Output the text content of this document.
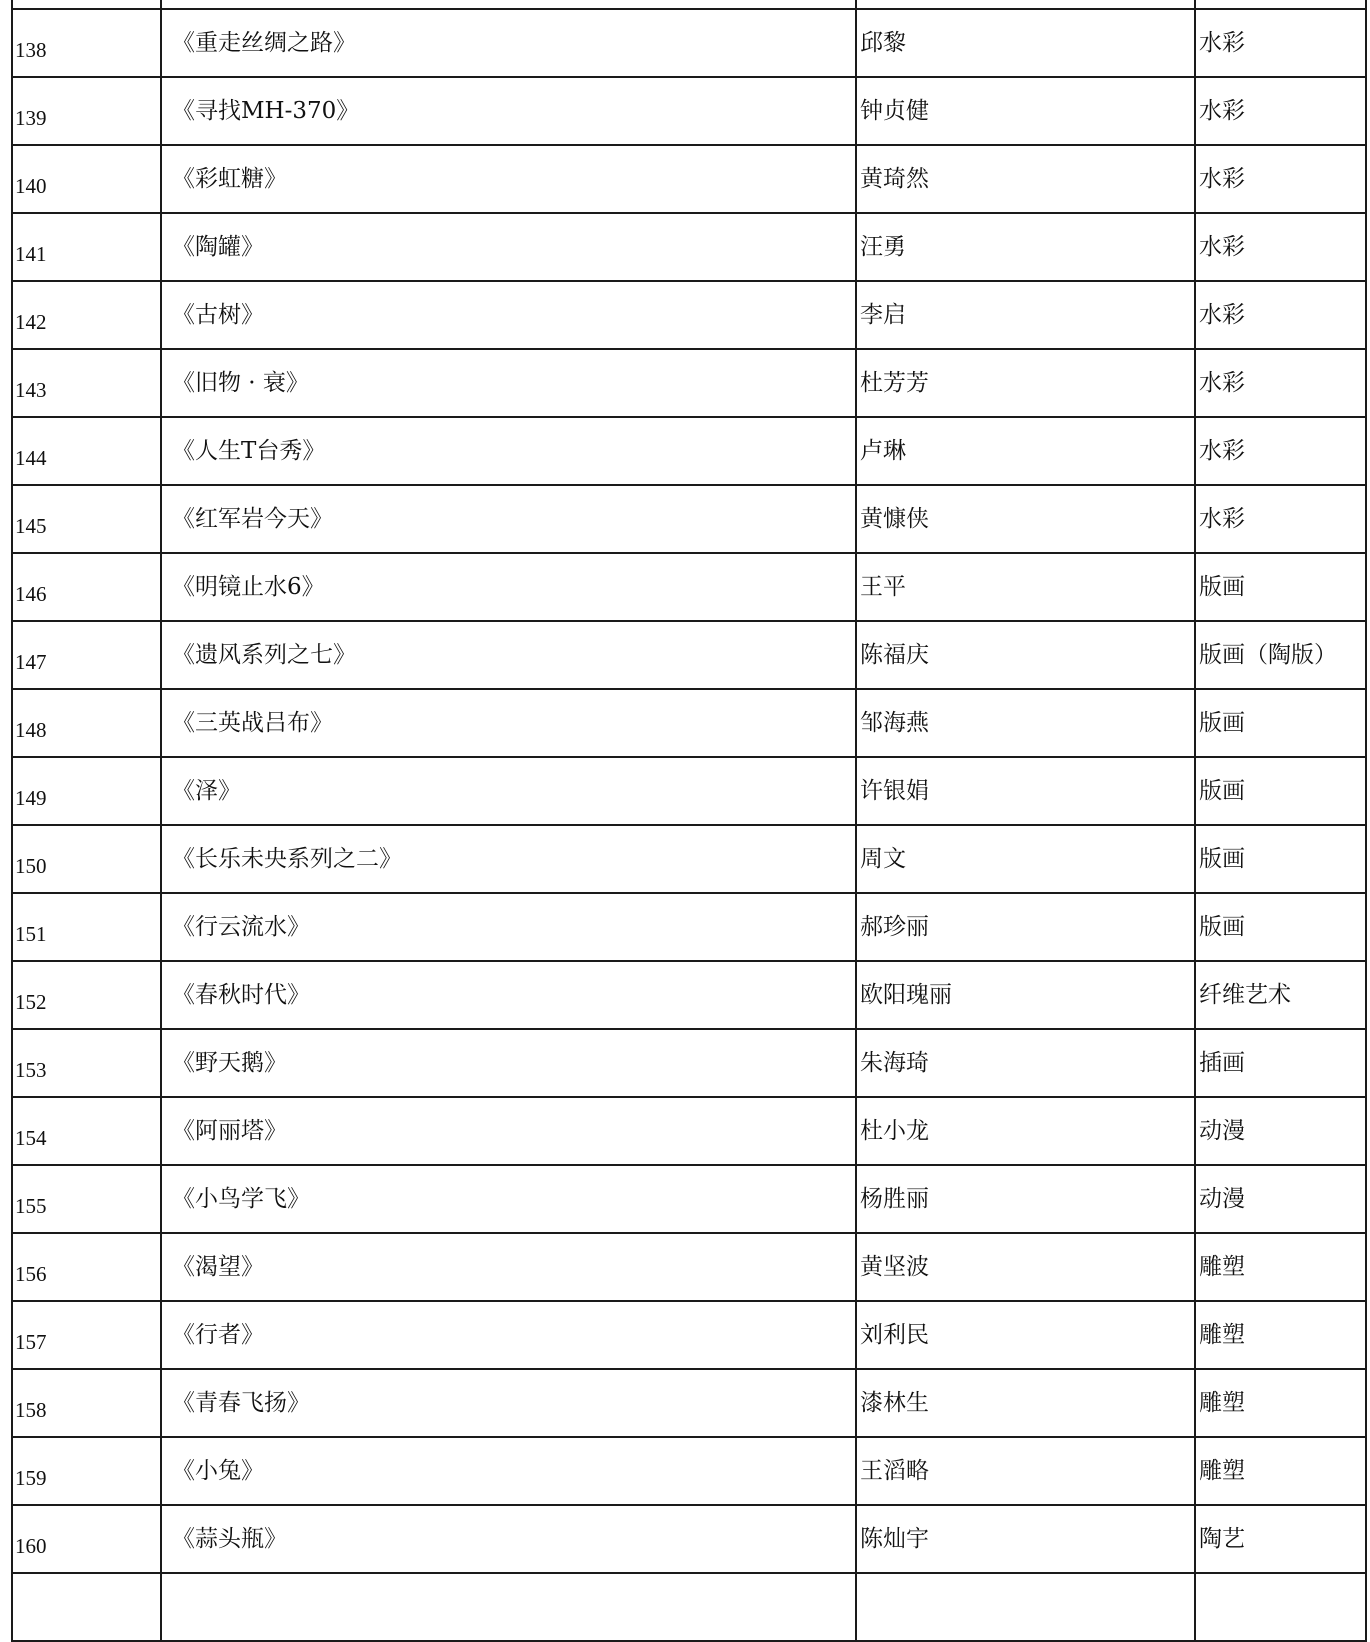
138	《重走丝绸之路》	邱黎	水彩

139	《寻找MH-370》	钟贞健	水彩

140	《彩虹糖》	黄琦然	水彩

141	《陶罐》	汪勇	水彩

142	《古树》	李启	水彩

143	《旧物 · 衰》	杜芳芳	水彩

144	《人生T台秀》	卢琳	水彩

145	《红军岩今天》	黄慷侠	水彩

146	《明镜止水6》	王平	版画

147	《遗风系列之七》	陈福庆	版画（陶版）

148	《三英战吕布》	邹海燕	版画

149	《泽》	许银娟	版画

150	《长乐未央系列之二》	周文	版画

151	《行云流水》	郝珍丽	版画

152	《春秋时代》	欧阳瑰丽	纤维艺术

153	《野天鹅》	朱海琦	插画

154	《阿丽塔》	杜小龙	动漫

155	《小鸟学飞》	杨胜丽	动漫

156	《渴望》	黄坚波	雕塑

157	《行者》	刘利民	雕塑

158	《青春飞扬》	漆林生	雕塑

159	《小兔》	王滔略	雕塑

160	《蒜头瓶》	陈灿宇	陶艺
